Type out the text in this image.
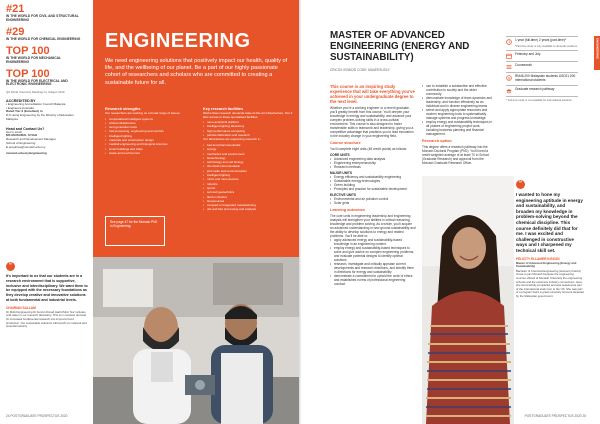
#21
IN THE WORLD FOR CIVIL AND STRUCTURAL ENGINEERING
#29
IN THE WORLD FOR CHEMICAL ENGINEERING
TOP 100
IN THE WORLD FOR MECHANICAL ENGINEERING
TOP 100
IN THE WORLD FOR ELECTRICAL AND ELECTRONIC ENGINEERING
QS World University Rankings by Subject 2019
ACCREDITED BY
• Engineering Accreditation Council Malaysia
• Engineers Australia
Rated Tier 6 (Excellent) in
D-5 rating Engineering by the Ministry of Education Malaysia
Head and Contact Us?
Get in touch
MS MAISARAL SYIAH
Research and Development Manager
School of Engineering
E enquiries@monash.edu.my
monash.edu.my/engineering
ENGINEERING
We need engineering solutions that positively impact our health, quality of life, and the wellbeing of our planet. Be a part of our highly passionate cohort of researchers and scholars who are committed to creating a sustainable future for all.
Research strengths
Our researchers are working on a broad range of issues:
• computational intelligent systems
• critical infrastructure
• next generation fuels
• fuel processing, engineering and controls
• intelligent lighting
• materials and construction design
• medical engineering and biological sciences
• smart buildings and cities
• waste and environment
Key research facilities
World-class research demands state-of-the-art infrastructure. Our 3 labs access to these specialised facilities:
• nano-analytical platform
• intelligent lighting laboratory
• high performance computing
• particle fabrication and research
Our laboratories are supporting research in:
• fuel and pharmaceuticals
• energy
• mechanics and environment
• biotechnology
• cell biology and cell biology
• chemical instrumentation
• joint radio and communication
• intelligent lighting
• micro and nano devices
• robotics
• sports
• soil and geotechnics
• fluid in robotics
• bioresources
• compact or integrated manufacturing
• oils and fats processing and analysis
See page 47 for the Monash PhD in Engineering.
“
It's important to us that our students are in a research environment that is supportive, inclusive and interdisciplinary. We want them to be equipped with the necessary foundations as they develop creative and innovative solutions at both fundamental and industrial levels.
CHAIRIAN SALLAM
Dr Mohd Engineering Dr Amirul Ahmad Hadi Muhd. Nur includes cold water in our research laboratory. This is in constant demand for increased fundamental research into improved food production. Our sustainable solutions will benefit our national and potential industry.
24 POSTGRADUATE PROSPECTUS 2020
MASTER OF ADVANCED ENGINEERING (ENERGY AND SUSTAINABILITY)
CRICOS 093402D CODE: MAAEESUS19
This course is an inspiring study experience that will take everything you've achieved in your undergraduate degree to the next level.
Whether you're a working engineer or a recent graduate, you'll greatly benefit from this course. You'll deepen your knowledge in energy and sustainability, and advance your complex problem-solving skills in a cross-cultural environment. This course is also designed to foster transferable skills in teamwork and leadership, giving you a competitive advantage that positions you to lead innovation in the industry change in your engineering field.
Course structure
You'll complete eight units (48 credit points) as follows:
CORE UNITS
• Advanced engineering data analysis
• Engineering entrepreneurship
• Research methods
MAJOR UNITS
• Energy efficiency and sustainability engineering
• Sustainable energy technologies
• Green building
• Principles and practice for sustainable development
ELECTIVE UNITS
• Environmental and air pollution control
• Solar grids
Learning outcomes
The core units in engineering leadership and engineering analysis will strengthen your abilities in critical reasoning, knowledge and problem solving. As a whole, you'll acquire an advanced understanding in new ground sustainability and the ability to develop solutions to energy and related problems. You'll be able to:
• apply advanced energy and sustainability-based knowledge in an engineering context
• employ energy and sustainability-based techniques to solve and give advice on complex engineering problems, and evaluate potential designs to identify optimal solutions
• research, investigate and critically appraise current developments and research directions, and identify them in directions for energy and sustainability
• demonstrate a commitment to uphold the code of ethics and established norms of professional engineering conduct
• use to establish a substantive and effective contribution to society and the wider community
• demonstrate knowledge of team dynamics and leadership, and function effectively as an individual and in diverse engineering teams
• select and apply appropriate resources and modern engineering tools to systematically manage systems and progress knowledge
• employ energy and sustainability techniques in all phases of engineering project work, including business planning and financial management.
Research option
This degree offers a research pathway into the Monash Doctoral Program (PhD). You'll need a credit weighted average of at least 70 in School (Graduate Research) and approval from the Monash Graduate Research Office.
1 year (full-time) 2 years (part-time)*
*Part-time study is only available to domestic students.
February and July
Coursework
$
RM46,200 Malaysian students USD21,000 International students
Graduate research pathway
* Full-time study is not available for international students.
ENGINEERING
“
I wanted to hone my engineering aptitude in energy and sustainability, and broaden my knowledge in problem-solving beyond the chemical discipline. This course definitely did that for me. I was excited and challenged in constructive ways and I sharpened my technical skill set.
FELICITY ELLAMER KISSON
Master of Advanced Engineering (Energy and Sustainability)
Bachelor of Chemical Engineering (Honours) Felicity chose to join Monash because the engineering courses offered at Monash University the engineering schools and the extensive industry connections. Here she successfully completed and was selected as part of the international study tour to the US. She was part of a program that's a great university honours-awarded by the Malaysian government.
POSTGRADUATE PROSPECTUS 2020 25
